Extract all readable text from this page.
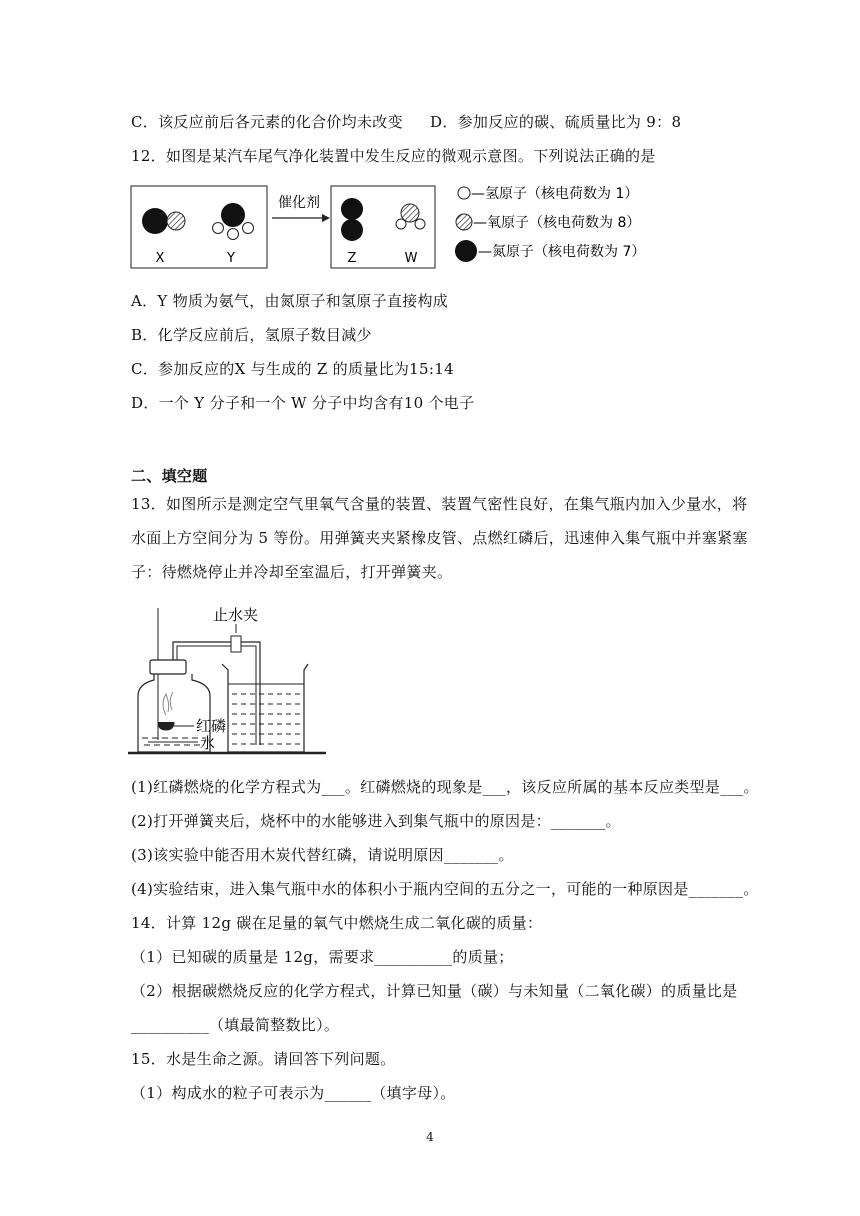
C．该反应前后各元素的化合价均未改变 D．参加反应的碳、硫质量比为 9：8
12．如图是某汽车尾气净化装置中发生反应的微观示意图。下列说法正确的是
X	Y
催化剂
Z	W
—氢原子（核电荷数为 1）
—氧原子（核电荷数为 8）
—氮原子（核电荷数为 7）
A．Y 物质为氨气，由氮原子和氢原子直接构成
B．化学反应前后，氢原子数目减少
C．参加反应的X 与生成的 Z 的质量比为15:14
D．一个 Y 分子和一个 W 分子中均含有10 个电子
二、填空题
13．如图所示是测定空气里氧气含量的装置、装置气密性良好，在集气瓶内加入少量水，将
水面上方空间分为 5 等份。用弹簧夹夹紧橡皮管、点燃红磷后，迅速伸入集气瓶中并塞紧塞
子：待燃烧停止并冷却至室温后，打开弹簧夹。
止水夹
红磷
水
(1)红磷燃烧的化学方程式为___。红磷燃烧的现象是___，该反应所属的基本反应类型是___。
(2)打开弹簧夹后，烧杯中的水能够进入到集气瓶中的原因是：_______。
(3)该实验中能否用木炭代替红磷，请说明原因_______。
(4)实验结束，进入集气瓶中水的体积小于瓶内空间的五分之一，可能的一种原因是_______。
14．计算 12g 碳在足量的氧气中燃烧生成二氧化碳的质量：
（1）已知碳的质量是 12g，需要求__________的质量；
（2）根据碳燃烧反应的化学方程式，计算已知量（碳）与未知量（二氧化碳）的质量比是
__________（填最简整数比）。
15．水是生命之源。请回答下列问题。
（1）构成水的粒子可表示为______（填字母）。
4
